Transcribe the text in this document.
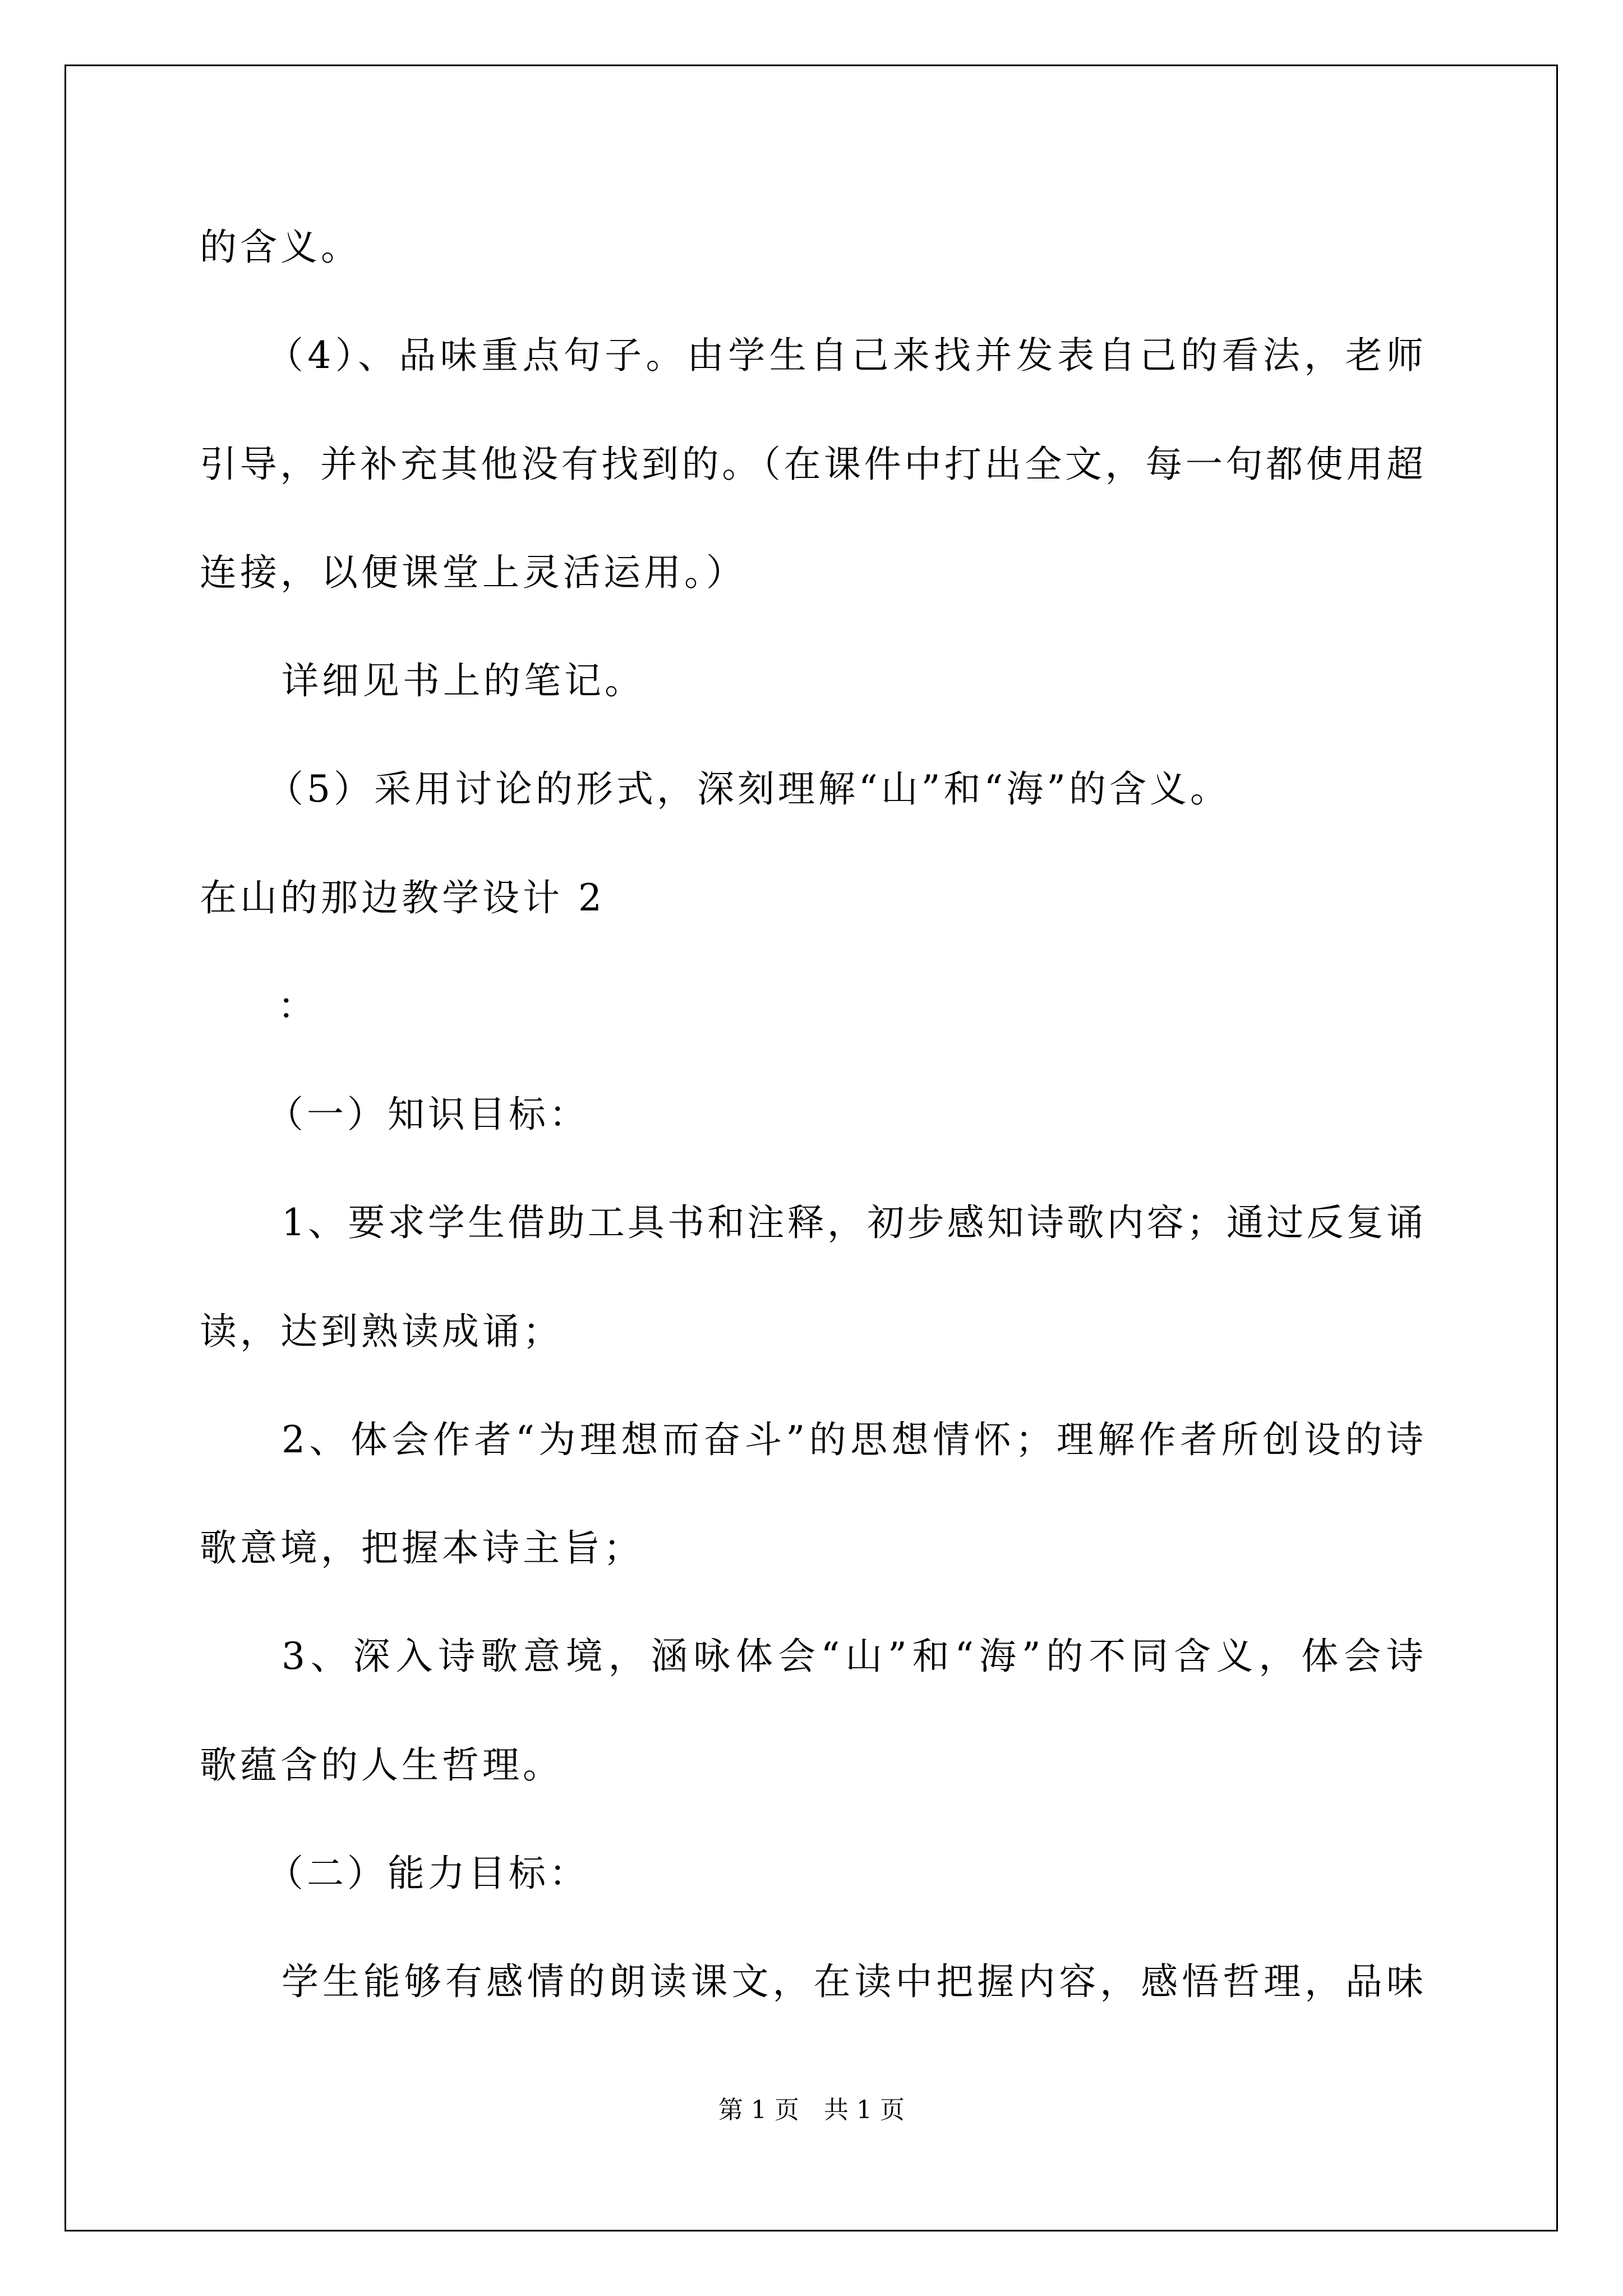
的含义。
（4）、品味重点句子。由学生自己来找并发表自己的看法，老师
引导，并补充其他没有找到的。（在课件中打出全文，每一句都使用超
连接，以便课堂上灵活运用。）
详细见书上的笔记。
（5）采用讨论的形式，深刻理解“山”和“海”的含义。
在山的那边教学设计 2
：
（一）知识目标：
1、要求学生借助工具书和注释，初步感知诗歌内容；通过反复诵
读，达到熟读成诵；
2、体会作者“为理想而奋斗”的思想情怀；理解作者所创设的诗
歌意境，把握本诗主旨；
3、深入诗歌意境，涵咏体会“山”和“海”的不同含义，体会诗
歌蕴含的人生哲理。
（二）能力目标：
学生能够有感情的朗读课文，在读中把握内容，感悟哲理，品味
第 1 页　共 1 页
